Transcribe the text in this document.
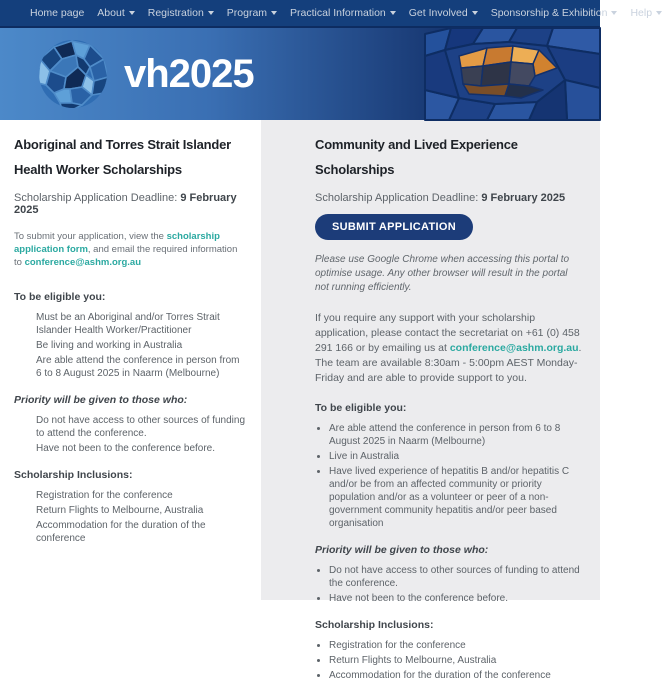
Home page About Registration Program Practical Information Get Involved Sponsorship & Exhibition Help
vh2025
Aboriginal and Torres Strait Islander Health Worker Scholarships

Scholarship Application Deadline: 9 February 2025

To submit your application, view the scholarship application form, and email the required information to conference@ashm.org.au

To be eligible you:
Must be an Aboriginal and/or Torres Strait Islander Health Worker/Practitioner
Be living and working in Australia
Are able attend the conference in person from 6 to 8 August 2025 in Naarm (Melbourne)
Priority will be given to those who:
Do not have access to other sources of funding to attend the conference.
Have not been to the conference before.
Scholarship Inclusions:
Registration for the conference
Return Flights to Melbourne, Australia
Accommodation for the duration of the conference
Community and Lived Experience Scholarships

Scholarship Application Deadline: 9 February 2025

SUBMIT APPLICATION

Please use Google Chrome when accessing this portal to optimise usage. Any other browser will result in the portal not running efficiently.

If you require any support with your scholarship application, please contact the secretariat on +61 (0) 458 291 166 or by emailing us at conference@ashm.org.au. The team are available 8:30am - 5:00pm AEST Monday-Friday and are able to provide support to you.

To be eligible you:
• Are able attend the conference in person from 6 to 8 August 2025 in Naarm (Melbourne)
• Live in Australia
• Have lived experience of hepatitis B and/or hepatitis C and/or be from an affected community or priority population and/or as a volunteer or peer of a non-government community hepatitis and/or peer based organisation
Priority will be given to those who:
• Do not have access to other sources of funding to attend the conference.
• Have not been to the conference before.
Scholarship Inclusions:
• Registration for the conference
• Return Flights to Melbourne, Australia
• Accommodation for the duration of the conference
